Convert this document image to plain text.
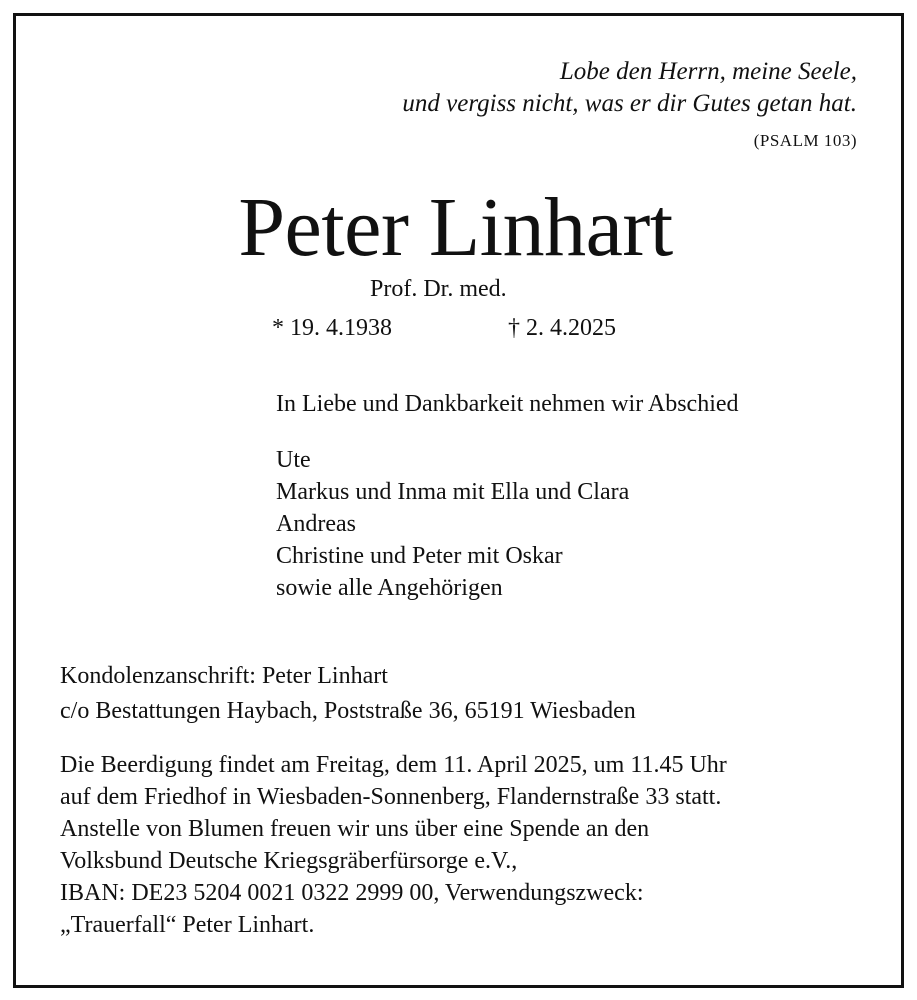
Lobe den Herrn, meine Seele,
und vergiss nicht, was er dir Gutes getan hat.
(PSALM 103)
Peter Linhart
Prof. Dr. med.
* 19. 4.1938	† 2. 4.2025
In Liebe und Dankbarkeit nehmen wir Abschied
Ute
Markus und Inma mit Ella und Clara
Andreas
Christine und Peter mit Oskar
sowie alle Angehörigen
Kondolenzanschrift: Peter Linhart
c/o Bestattungen Haybach, Poststraße 36, 65191 Wiesbaden
Die Beerdigung findet am Freitag, dem 11. April 2025, um 11.45 Uhr
auf dem Friedhof in Wiesbaden-Sonnenberg, Flandernstraße 33 statt.
Anstelle von Blumen freuen wir uns über eine Spende an den
Volksbund Deutsche Kriegsgräberfürsorge e.V.,
IBAN: DE23 5204 0021 0322 2999 00, Verwendungszweck:
„Trauerfall“ Peter Linhart.
